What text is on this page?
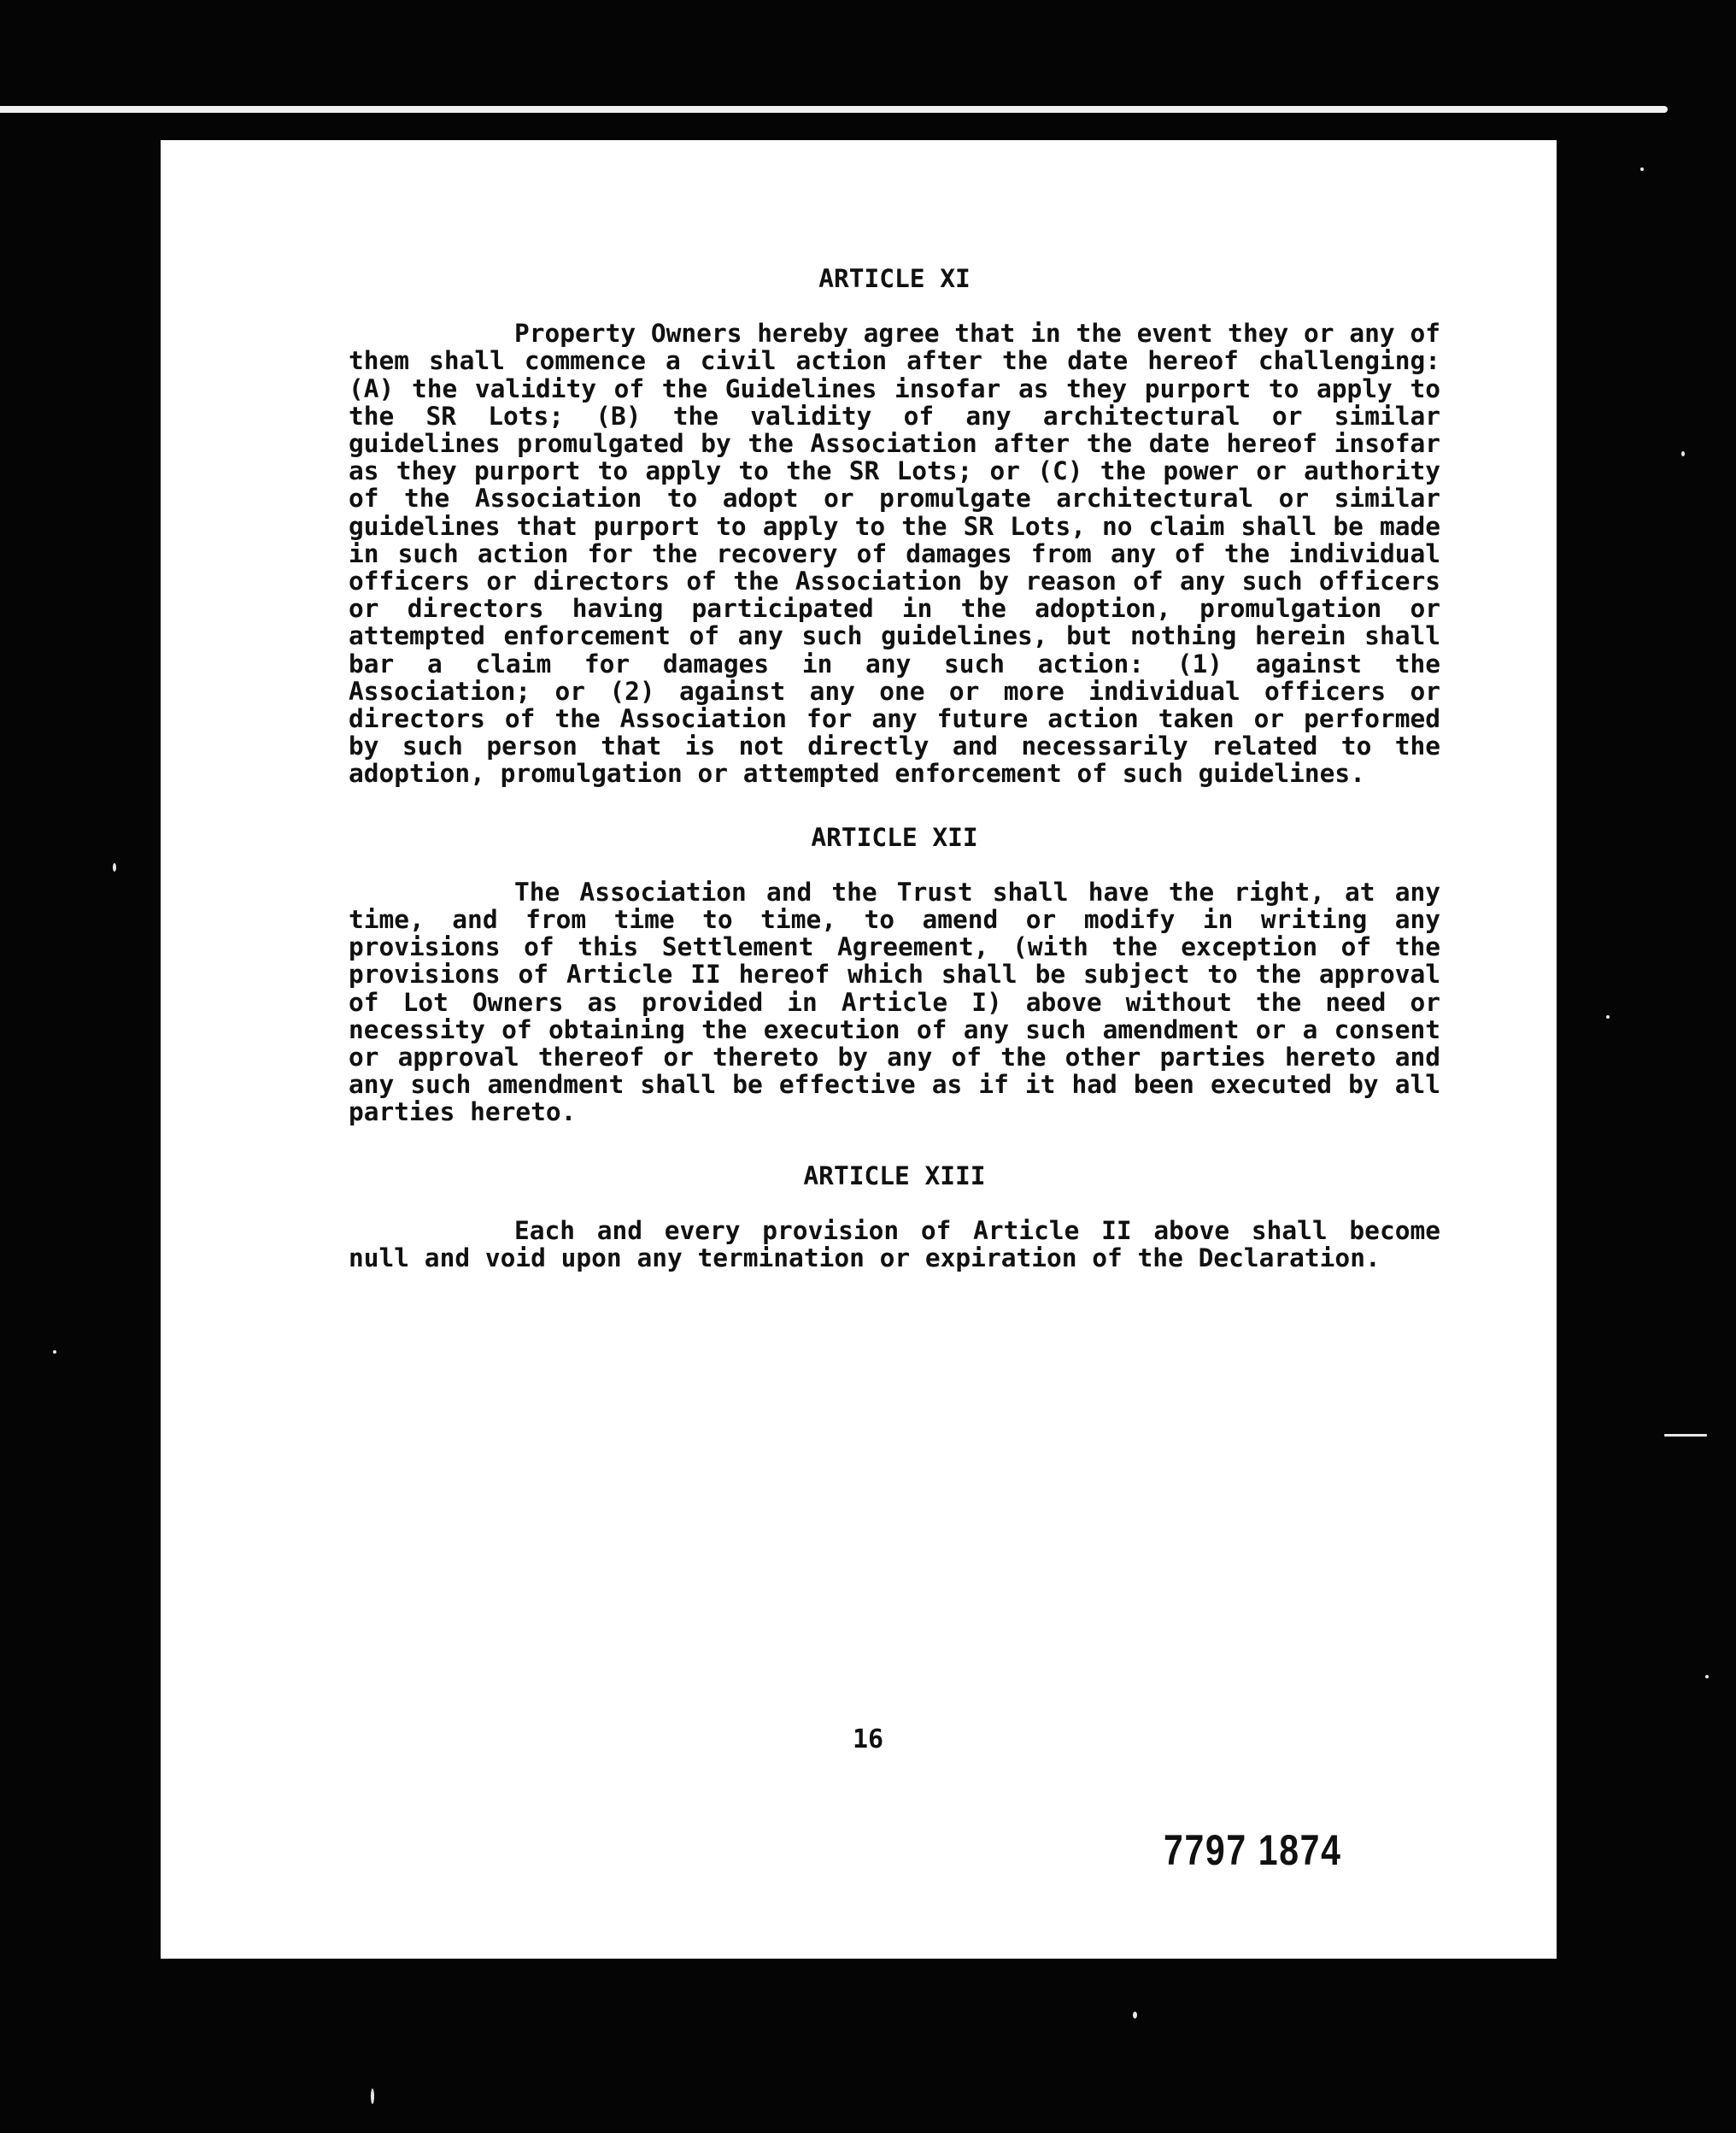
ARTICLE XI

Property Owners hereby agree that in the event they or any of them shall commence a civil action after the date hereof challenging: (A) the validity of the Guidelines insofar as they purport to apply to the SR Lots; (B) the validity of any architectural or similar guidelines promulgated by the Association after the date hereof insofar as they purport to apply to the SR Lots; or (C) the power or authority of the Association to adopt or promulgate architectural or similar guidelines that purport to apply to the SR Lots, no claim shall be made in such action for the recovery of damages from any of the individual officers or directors of the Association by reason of any such officers or directors having participated in the adoption, promulgation or attempted enforcement of any such guidelines, but nothing herein shall bar a claim for damages in any such action: (1) against the Association; or (2) against any one or more individual officers or directors of the Association for any future action taken or performed by such person that is not directly and necessarily related to the adoption, promulgation or attempted enforcement of such guidelines.

ARTICLE XII

The Association and the Trust shall have the right, at any time, and from time to time, to amend or modify in writing any provisions of this Settlement Agreement, (with the exception of the provisions of Article II hereof which shall be subject to the approval of Lot Owners as provided in Article I) above without the need or necessity of obtaining the execution of any such amendment or a consent or approval thereof or thereto by any of the other parties hereto and any such amendment shall be effective as if it had been executed by all parties hereto.

ARTICLE XIII

Each and every provision of Article II above shall become null and void upon any termination or expiration of the Declaration.

16
7797 1874
